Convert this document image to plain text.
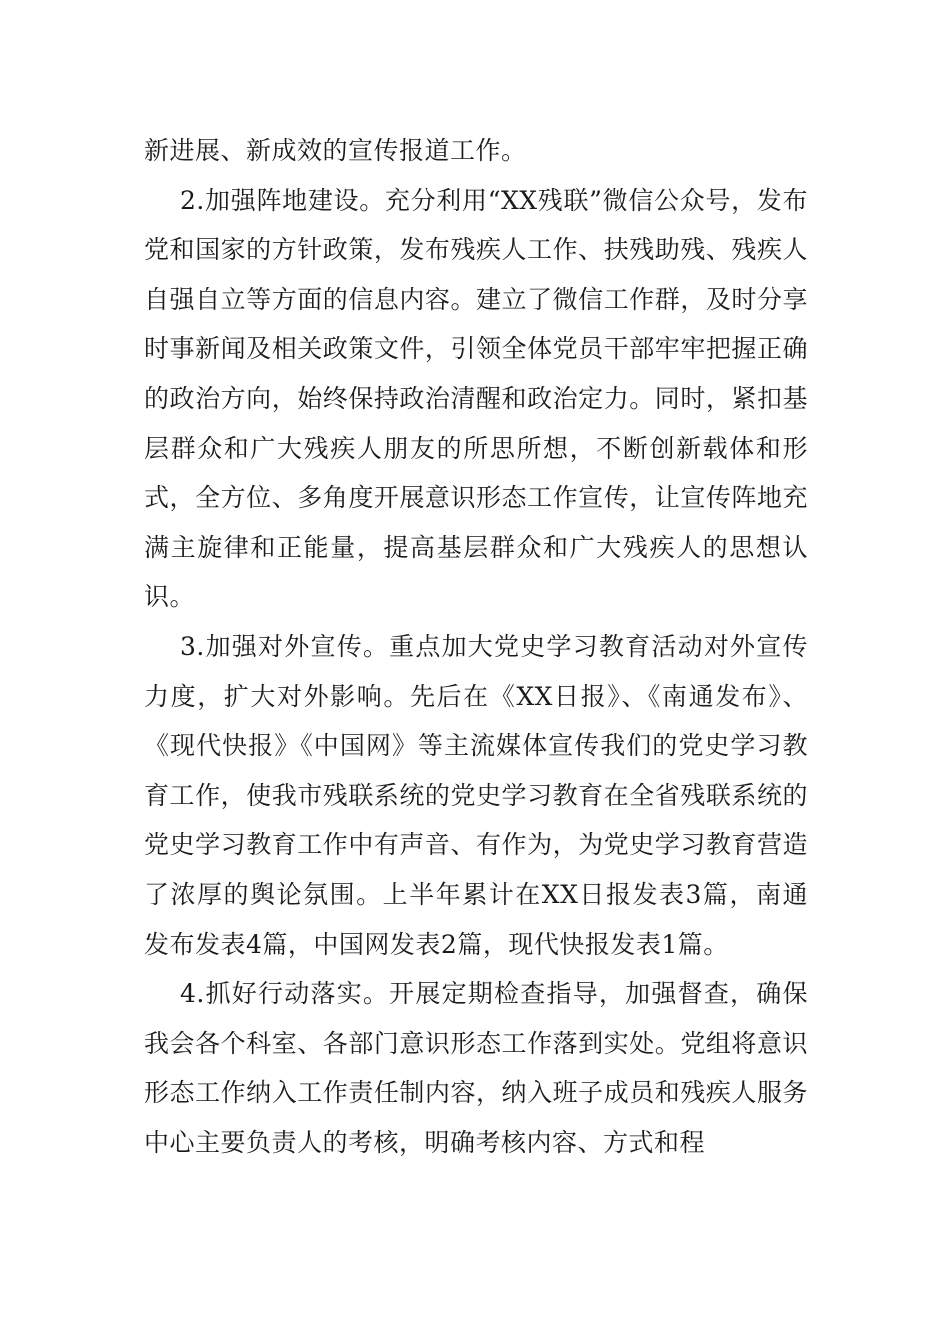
新进展、新成效的宣传报道工作。

2.加强阵地建设。充分利用“XX残联”微信公众号，发布党和国家的方针政策，发布残疾人工作、扶残助残、残疾人自强自立等方面的信息内容。建立了微信工作群，及时分享时事新闻及相关政策文件，引领全体党员干部牢牢把握正确的政治方向，始终保持政治清醒和政治定力。同时，紧扣基层群众和广大残疾人朋友的所思所想，不断创新载体和形式，全方位、多角度开展意识形态工作宣传，让宣传阵地充满主旋律和正能量，提高基层群众和广大残疾人的思想认识。

3.加强对外宣传。重点加大党史学习教育活动对外宣传力度，扩大对外影响。先后在《XX日报》、《南通发布》、《现代快报》《中国网》等主流媒体宣传我们的党史学习教育工作，使我市残联系统的党史学习教育在全省残联系统的党史学习教育工作中有声音、有作为，为党史学习教育营造了浓厚的舆论氛围。上半年累计在XX日报发表3篇，南通发布发表4篇，中国网发表2篇，现代快报发表1篇。

4.抓好行动落实。开展定期检查指导，加强督查，确保我会各个科室、各部门意识形态工作落到实处。党组将意识形态工作纳入工作责任制内容，纳入班子成员和残疾人服务中心主要负责人的考核，明确考核内容、方式和程
